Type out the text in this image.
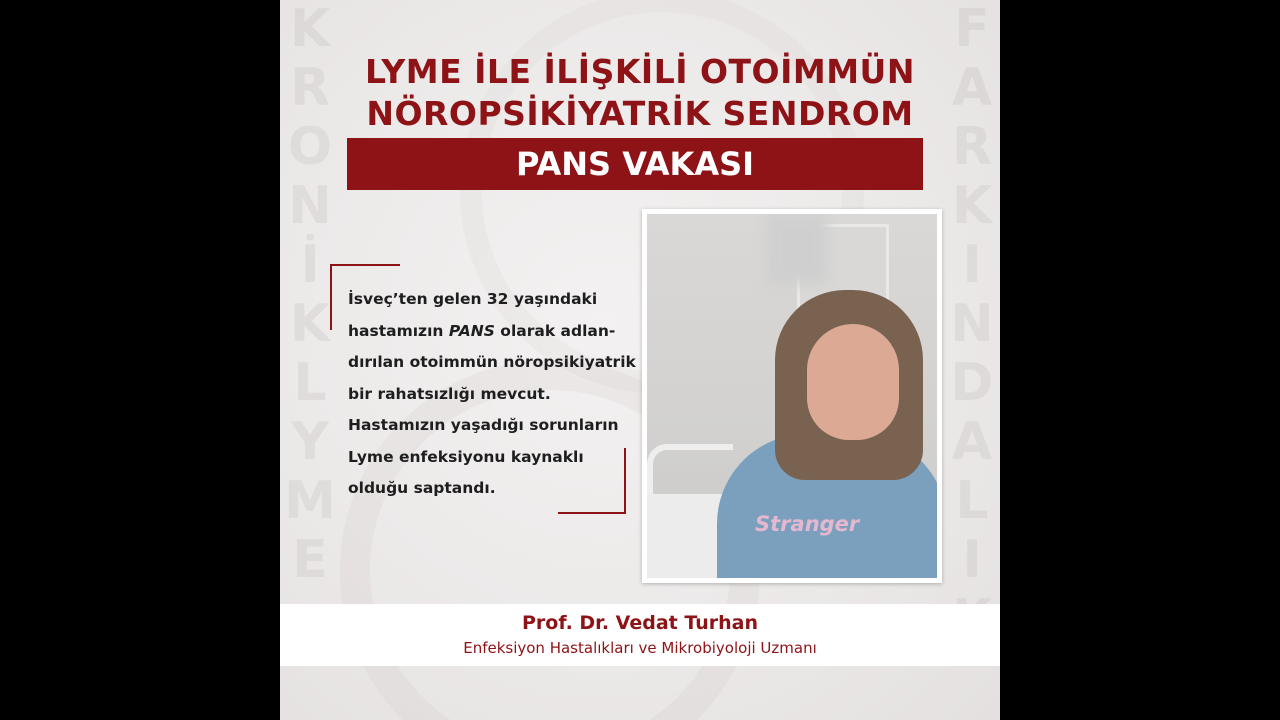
K
R
O
N
İ
K
L
Y
M
E
F
A
R
K
I
N
D
A
L
I

LYME İLE İLİŞKİLİ OTOİMMÜN
NÖROPSİKİYATRİK SENDROM
PANS VAKASI

İsveç’ten gelen 32 yaşındaki

hastamızın PANS olarak adlan-

dırılan otoimmün nöropsikiyatrik

bir rahatsızlığı mevcut.

Hastamızın yaşadığı sorunların

Lyme enfeksiyonu kaynaklı

olduğu saptandı.

Stranger
Prof. Dr. Vedat Turhan
Enfeksiyon Hastalıkları ve Mikrobiyoloji Uzmanı
